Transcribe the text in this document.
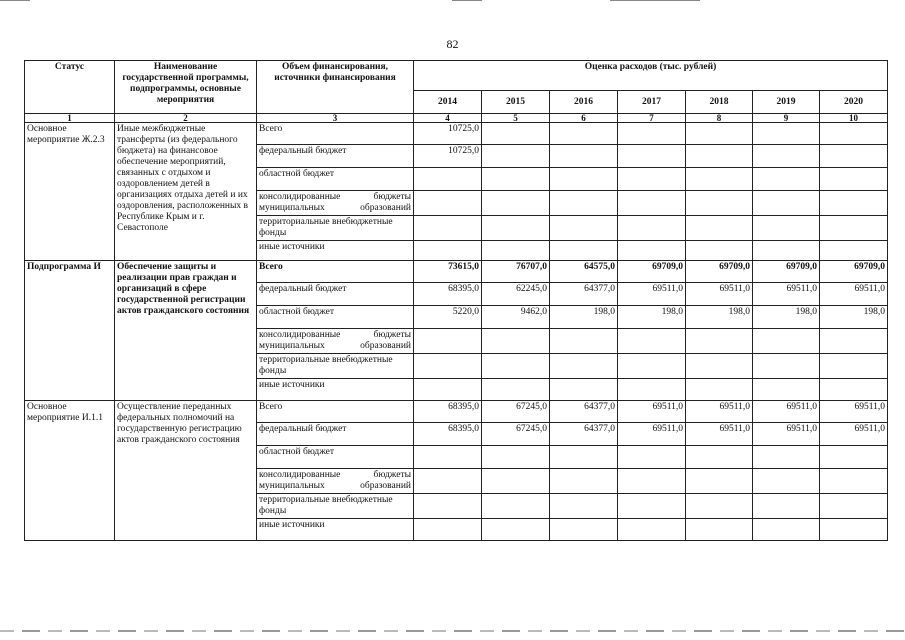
82
Статус	Наименование государственной программы, подпрограммы, основные мероприятия	Объем финансирования, источники финансирования	Оценка расходов (тыс. рублей)						
			2014	2015	2016	2017	2018	2019	2020
1	2	3	4	5	6	7	8	9	10
Основное мероприятие Ж.2.3	Иные межбюджетные трансферты (из федерального бюджета) на финансовое обеспечение мероприятий, связанных с отдыхом и оздоровлением детей в организациях отдыха детей и их оздоровления, расположенных в Республике Крым и г. Севастополе	Всего	10725,0						
		федеральный бюджет	10725,0						
		областной бюджет							
		консолидированные бюджеты муниципальных образований							
		территориальные внебюджетные фонды							
		иные источники							
Подпрограмма И	Обеспечение защиты и реализации прав граждан и организаций в сфере государственной регистрации актов гражданского состояния	Всего	73615,0	76707,0	64575,0	69709,0	69709,0	69709,0	69709,0
		федеральный бюджет	68395,0	62245,0	64377,0	69511,0	69511,0	69511,0	69511,0
		областной бюджет	5220,0	9462,0	198,0	198,0	198,0	198,0	198,0
		консолидированные бюджеты муниципальных образований							
		территориальные внебюджетные фонды							
		иные источники							
Основное мероприятие И.1.1	Осуществление переданных федеральных полномочий на государственную регистрацию актов гражданского состояния	Всего	68395,0	67245,0	64377,0	69511,0	69511,0	69511,0	69511,0
		федеральный бюджет	68395,0	67245,0	64377,0	69511,0	69511,0	69511,0	69511,0
		областной бюджет							
		консолидированные бюджеты муниципальных образований							
		территориальные внебюджетные фонды							
		иные источники							
